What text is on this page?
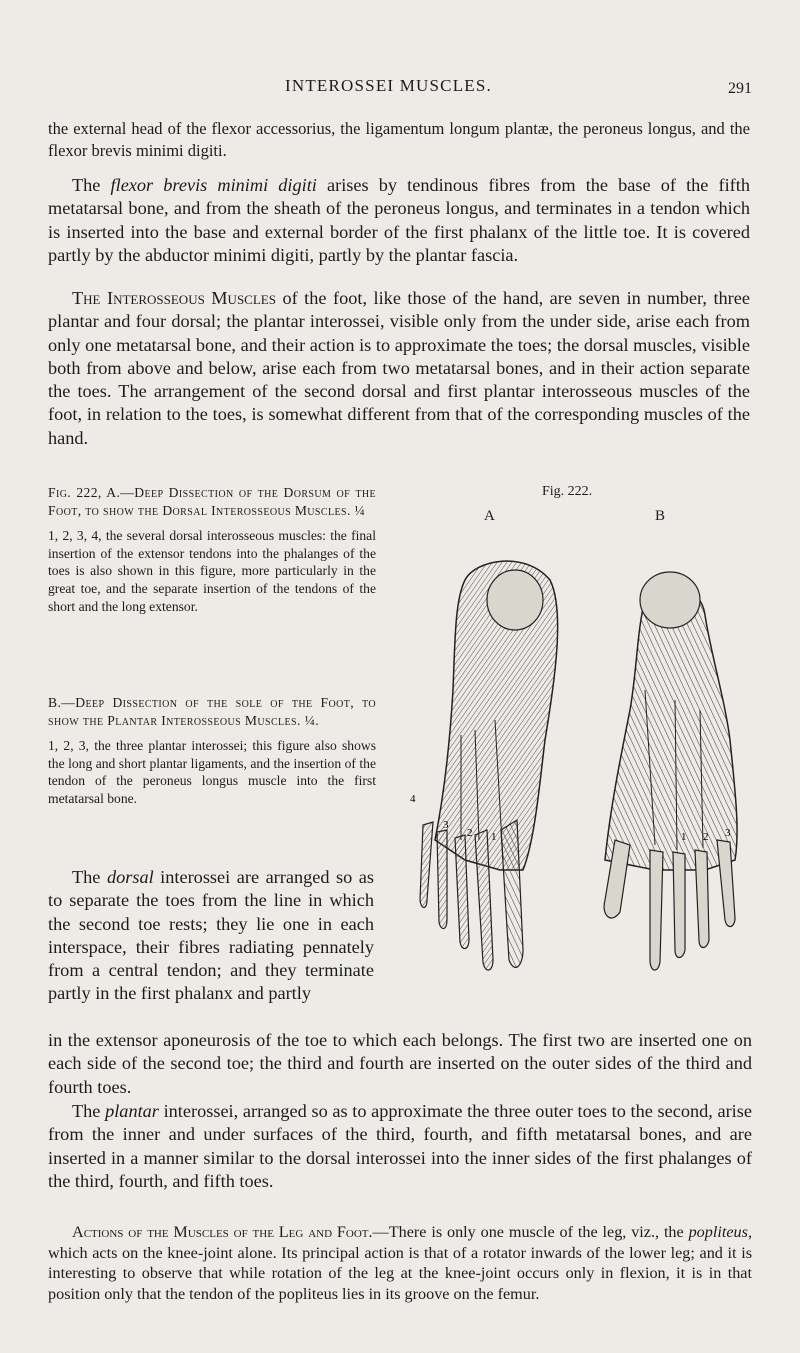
INTEROSSEI MUSCLES.	291

the external head of the flexor accessorius, the ligamentum longum plantæ, the peroneus longus, and the flexor brevis minimi digiti.

The flexor brevis minimi digiti arises by tendinous fibres from the base of the fifth metatarsal bone, and from the sheath of the peroneus longus, and terminates in a tendon which is inserted into the base and external border of the first phalanx of the little toe. It is covered partly by the abductor minimi digiti, partly by the plantar fascia.

The Interosseous Muscles of the foot, like those of the hand, are seven in number, three plantar and four dorsal; the plantar interossei, visible only from the under side, arise each from only one metatarsal bone, and their action is to approximate the toes; the dorsal muscles, visible both from above and below, arise each from two metatarsal bones, and in their action separate the toes. The arrangement of the second dorsal and first plantar interosseous muscles of the foot, in relation to the toes, is somewhat different from that of the corresponding muscles of the hand.

Fig. 222, A.—Deep Dissection of the Dorsum of the Foot, to show the Dorsal Interosseous Muscles. ¼

1, 2, 3, 4, the several dorsal interosseous muscles: the final insertion of the extensor tendons into the phalanges of the toes is also shown in this figure, more particularly in the great toe, and the separate insertion of the tendons of the short and the long extensor.

B.—Deep Dissection of the sole of the Foot, to show the Plantar Interosseous Muscles. ¼.

1, 2, 3, the three plantar interossei; this figure also shows the long and short plantar ligaments, and the insertion of the tendon of the peroneus longus muscle into the first metatarsal bone.

Fig. 222.
A	B
4
3
2 1	1 2 3
The dorsal interossei are arranged so as to separate the toes from the line in which the second toe rests; they lie one in each interspace, their fibres radiating pennately from a central tendon; and they terminate partly in the first phalanx and partly
in the extensor aponeurosis of the toe to which each belongs. The first two are inserted one on each side of the second toe; the third and fourth are inserted on the outer sides of the third and fourth toes.
The plantar interossei, arranged so as to approximate the three outer toes to the second, arise from the inner and under surfaces of the third, fourth, and fifth metatarsal bones, and are inserted in a manner similar to the dorsal interossei into the inner sides of the first phalanges of the third, fourth, and fifth toes.
Actions of the Muscles of the Leg and Foot.—There is only one muscle of the leg, viz., the popliteus, which acts on the knee-joint alone. Its principal action is that of a rotator inwards of the lower leg; and it is interesting to observe that while rotation of the leg at the knee-joint occurs only in flexion, it is in that position only that the tendon of the popliteus lies in its groove on the femur.
